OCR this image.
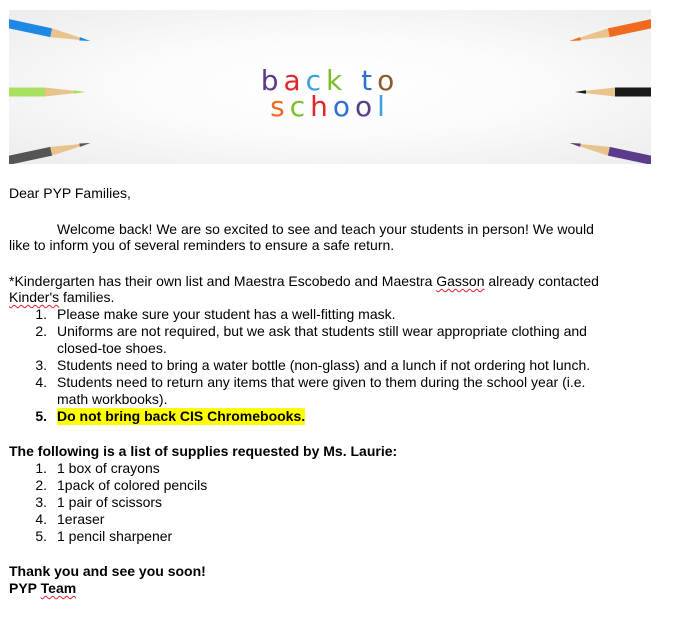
back to
school
Dear PYP Families,
Welcome back! We are so excited to see and teach your students in person! We would
like to inform you of several reminders to ensure a safe return.
*Kindergarten has their own list and Maestra Escobedo and Maestra Gasson already contacted
Kinder's families.
1. Please make sure your student has a well-fitting mask.
2. Uniforms are not required, but we ask that students still wear appropriate clothing and
closed-toe shoes.
3. Students need to bring a water bottle (non-glass) and a lunch if not ordering hot lunch.
4. Students need to return any items that were given to them during the school year (i.e.
math workbooks).
5. Do not bring back CIS Chromebooks.
The following is a list of supplies requested by Ms. Laurie:
1. 1 box of crayons
2. 1pack of colored pencils
3. 1 pair of scissors
4. 1eraser
5. 1 pencil sharpener
Thank you and see you soon!
PYP Team
